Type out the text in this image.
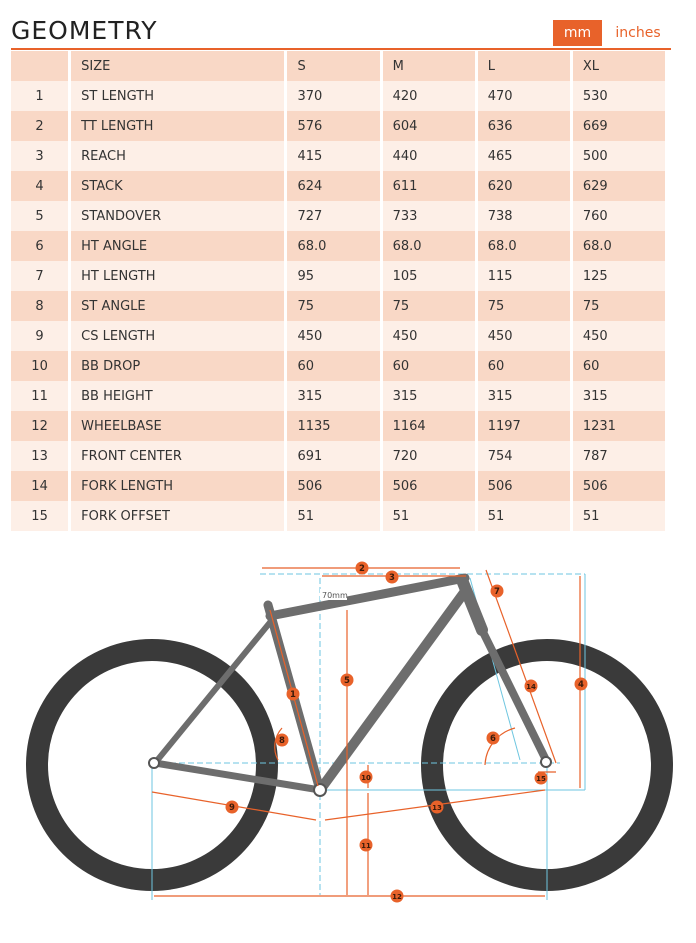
GEOMETRY	mm	inches
	SIZE	S	M	L	XL
1	ST LENGTH	370	420	470	530
2	TT LENGTH	576	604	636	669
3	REACH	415	440	465	500
4	STACK	624	611	620	629
5	STANDOVER	727	733	738	760
6	HT ANGLE	68.0	68.0	68.0	68.0
7	HT LENGTH	95	105	115	125
8	ST ANGLE	75	75	75	75
9	CS LENGTH	450	450	450	450
10	BB DROP	60	60	60	60
11	BB HEIGHT	315	315	315	315
12	WHEELBASE	1135	1164	1197	1231
13	FRONT CENTER	691	720	754	787
14	FORK LENGTH	506	506	506	506
15	FORK OFFSET	51	51	51	51
70mm
1
2
3
4
5
6
7
8
9
10
11
12
13
14
15
